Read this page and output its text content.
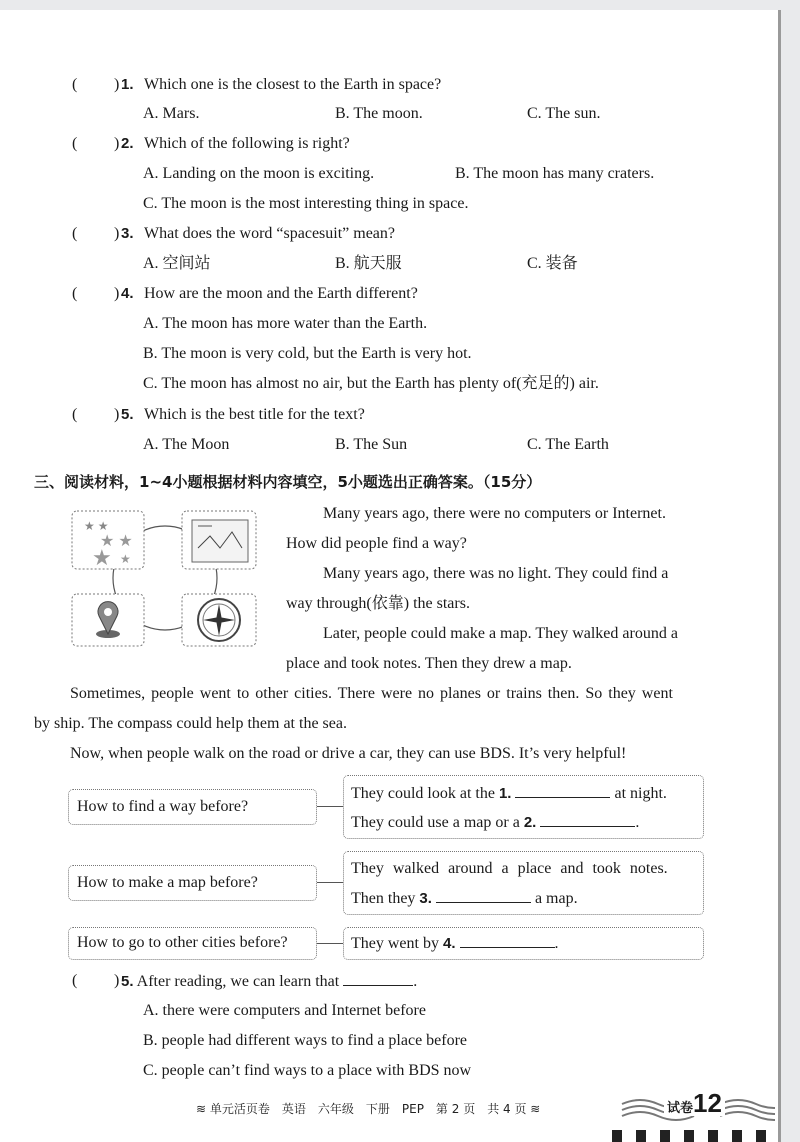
( ) 1. Which one is the closest to the Earth in space?
A. Mars.	B. The moon.	C. The sun.
( ) 2. Which of the following is right?
A. Landing on the moon is exciting.	B. The moon has many craters.
C. The moon is the most interesting thing in space.
( ) 3. What does the word “spacesuit” mean?
A. 空间站	B. 航天服	C. 装备
( ) 4. How are the moon and the Earth different?
A. The moon has more water than the Earth.
B. The moon is very cold, but the Earth is very hot.
C. The moon has almost no air, but the Earth has plenty of(充足的) air.
( ) 5. Which is the best title for the text?
A. The Moon	B. The Sun	C. The Earth
三、阅读材料，1~4小题根据材料内容填空，5小题选出正确答案。（15分）
★ ★
★ ★
★ ★
Many years ago, there were no computers or Internet.
How did people find a way?
Many years ago, there was no light. They could find a
way through(依靠) the stars.
Later, people could make a map. They walked around a
place and took notes. Then they drew a map.
Sometimes, people went to other cities. There were no planes or trains then. So they went
by ship. The compass could help them at the sea.
Now, when people walk on the road or drive a car, they can use BDS. It’s very helpful!
How to find a way before?
They could look at the 1.	at night.
They could use a map or a 2.	.
How to make a map before?
They walked around a place and took notes.
Then they 3.	a map.
How to go to other cities before?	They went by 4.	.
( ) 5. After reading, we can learn that	.
A. there were computers and Internet before
B. people had different ways to find a place before
C. people can’t find ways to a place with BDS now
≋ 单元活页卷　英语　六年级　下册　PEP　第 2 页　共 4 页 ≋	试卷 12
